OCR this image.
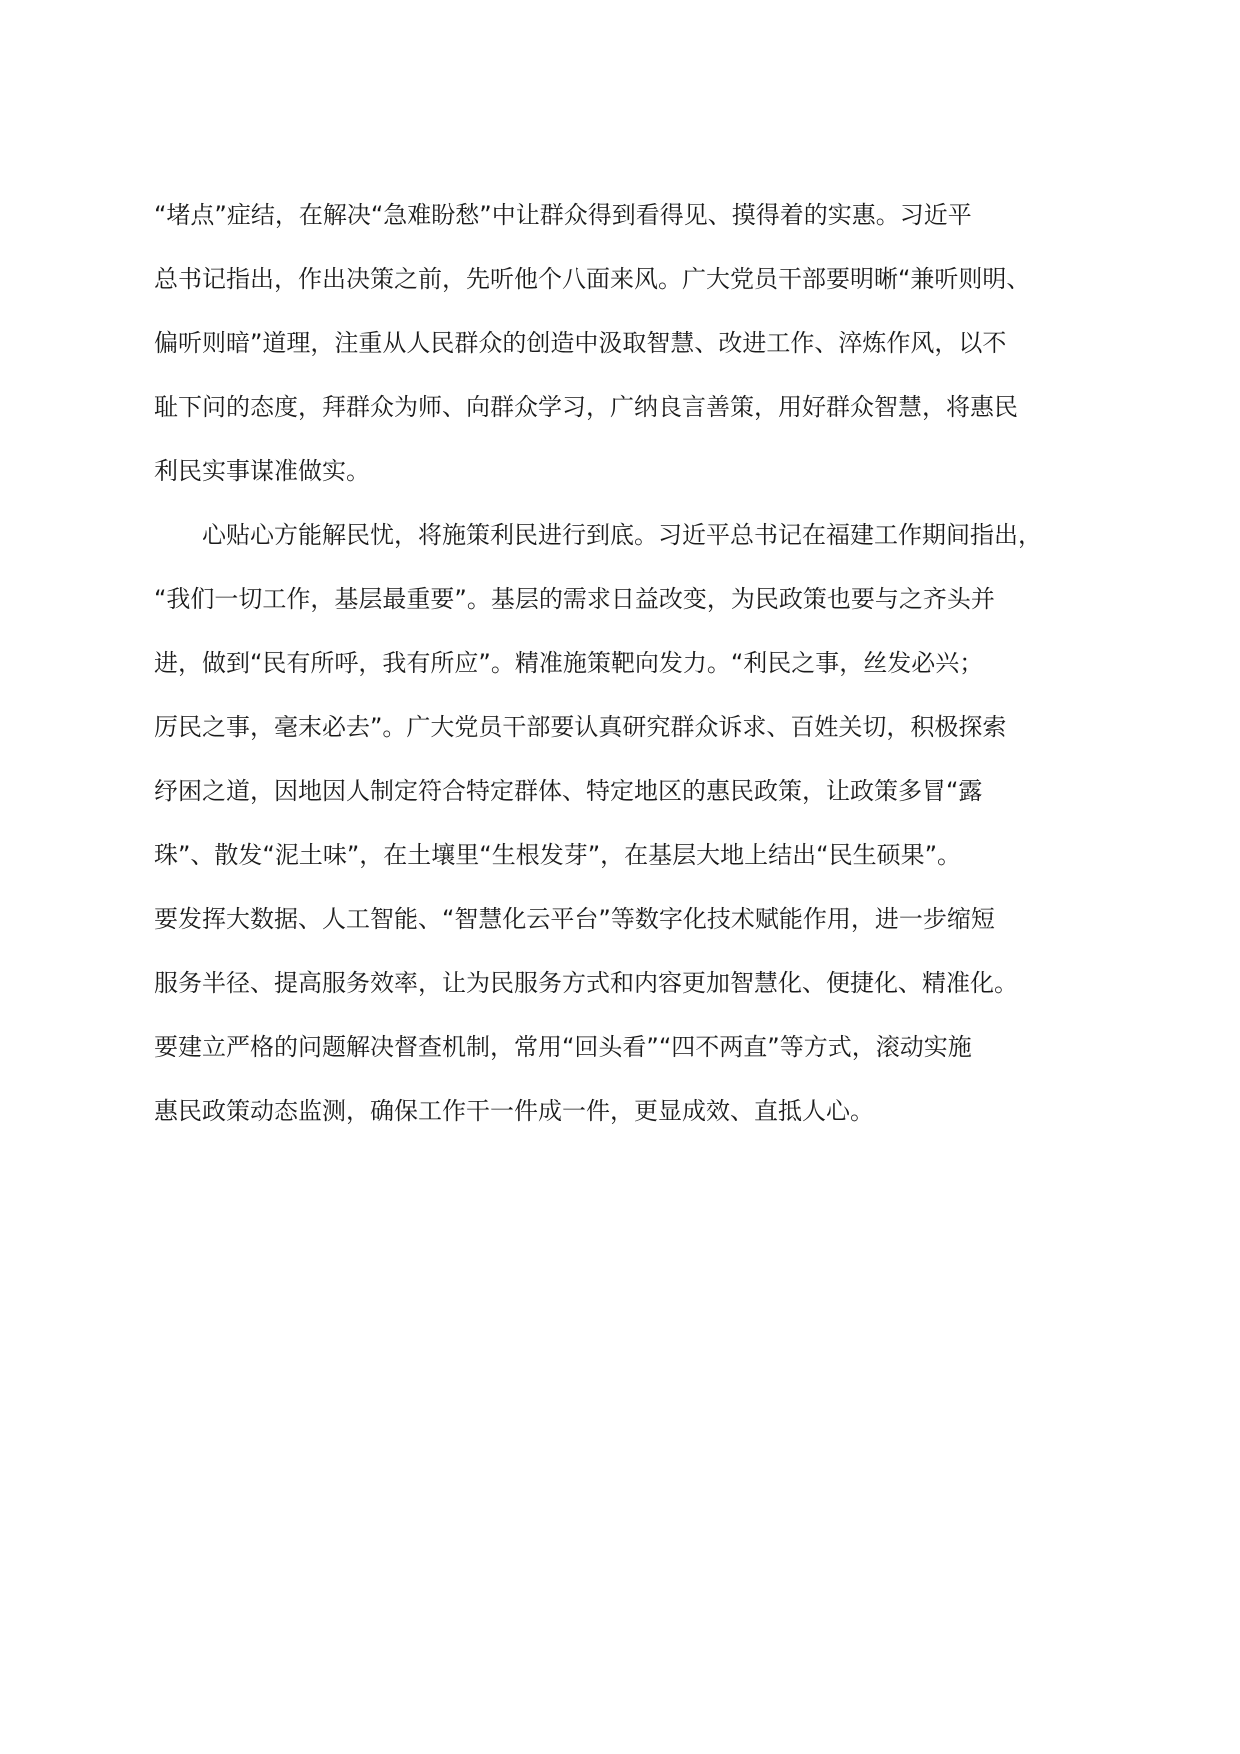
“堵点”症结，在解决“急难盼愁”中让群众得到看得见、摸得着的实惠。习近平
总书记指出，作出决策之前，先听他个八面来风。广大党员干部要明晰“兼听则明、
偏听则暗”道理，注重从人民群众的创造中汲取智慧、改进工作、淬炼作风，以不
耻下问的态度，拜群众为师、向群众学习，广纳良言善策，用好群众智慧，将惠民
利民实事谋准做实。
心贴心方能解民忧，将施策利民进行到底。习近平总书记在福建工作期间指出，
“我们一切工作，基层最重要”。基层的需求日益改变，为民政策也要与之齐头并
进，做到“民有所呼，我有所应”。精准施策靶向发力。“利民之事，丝发必兴；
厉民之事，毫末必去”。广大党员干部要认真研究群众诉求、百姓关切，积极探索
纾困之道，因地因人制定符合特定群体、特定地区的惠民政策，让政策多冒“露
珠”、散发“泥土味”，在土壤里“生根发芽”，在基层大地上结出“民生硕果”。
要发挥大数据、人工智能、“智慧化云平台”等数字化技术赋能作用，进一步缩短
服务半径、提高服务效率，让为民服务方式和内容更加智慧化、便捷化、精准化。
要建立严格的问题解决督查机制，常用“回头看”“四不两直”等方式，滚动实施
惠民政策动态监测，确保工作干一件成一件，更显成效、直抵人心。
